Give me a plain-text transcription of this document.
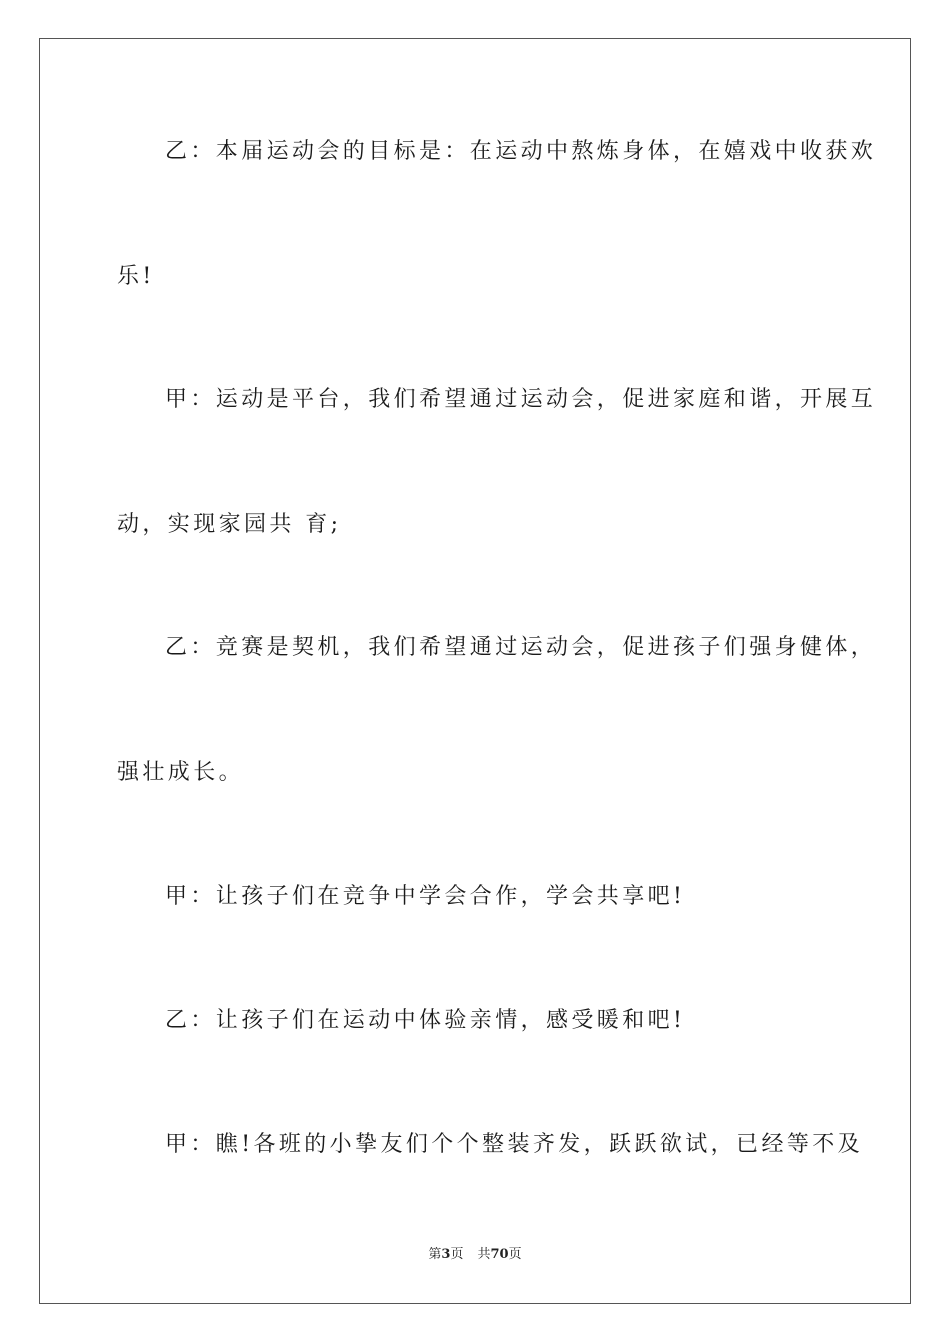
乙：本届运动会的目标是：在运动中熬炼身体，在嬉戏中收获欢
乐!
甲：运动是平台，我们希望通过运动会，促进家庭和谐，开展互
动，实现家园共 育;
乙：竞赛是契机，我们希望通过运动会，促进孩子们强身健体，
强壮成长。
甲：让孩子们在竞争中学会合作，学会共享吧!
乙：让孩子们在运动中体验亲情，感受暖和吧!
甲：瞧!各班的小挚友们个个整装齐发，跃跃欲试，已经等不及
第3页 共70页
